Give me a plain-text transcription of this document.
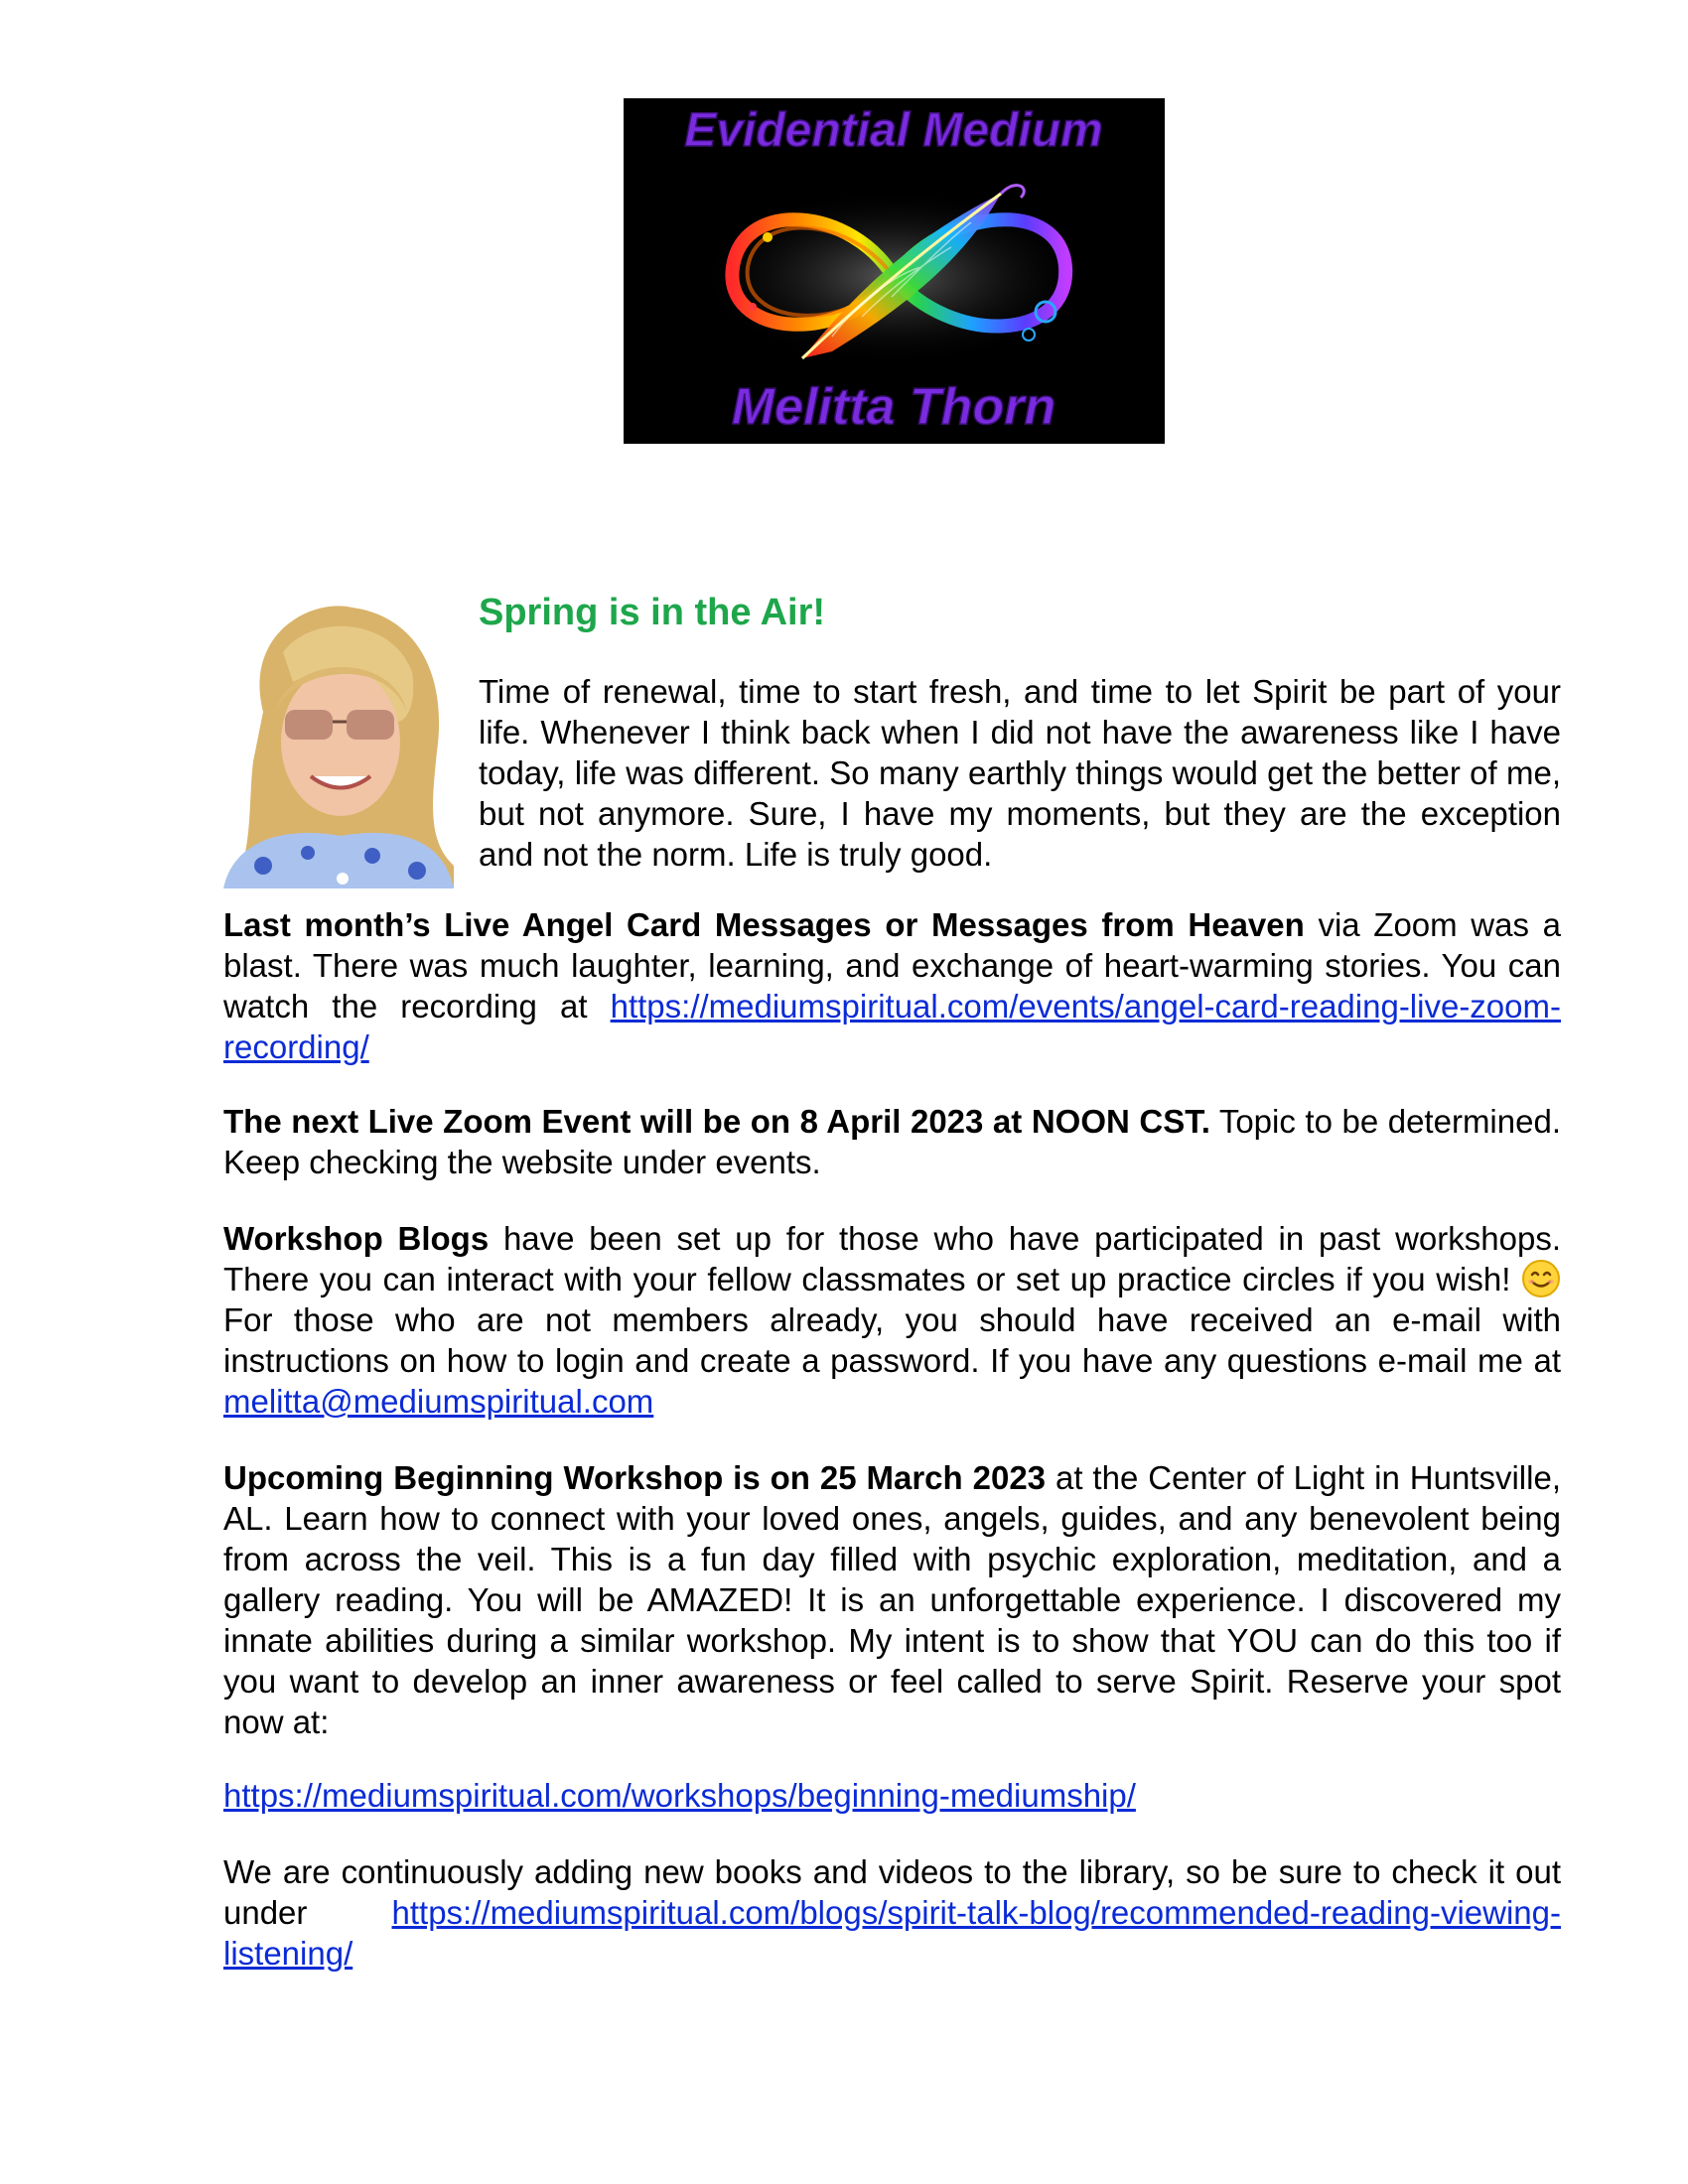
Evidential Medium
Melitta Thorn
Spring is in the Air!

Time of renewal, time to start fresh, and time to let Spirit be part of your life. Whenever I think back when I did not have the awareness like I have today, life was different. So many earthly things would get the better of me, but not anymore. Sure, I have my moments, but they are the exception and not the norm. Life is truly good.

Last month’s Live Angel Card Messages or Messages from Heaven via Zoom was a blast. There was much laughter, learning, and exchange of heart-warming stories. You can watch the recording at https://mediumspiritual.com/events/angel-card-reading-live-zoom-recording/

The next Live Zoom Event will be on 8 April 2023 at NOON CST. Topic to be determined. Keep checking the website under events.

Workshop Blogs have been set up for those who have participated in past workshops. There you can interact with your fellow classmates or set up practice circles if you wish!
For those who are not members already, you should have received an e-mail with instructions on how to login and create a password. If you have any questions e-mail me at melitta@mediumspiritual.com

Upcoming Beginning Workshop is on 25 March 2023 at the Center of Light in Huntsville, AL. Learn how to connect with your loved ones, angels, guides, and any benevolent being from across the veil. This is a fun day filled with psychic exploration, meditation, and a gallery reading. You will be AMAZED! It is an unforgettable experience. I discovered my innate abilities during a similar workshop. My intent is to show that YOU can do this too if you want to develop an inner awareness or feel called to serve Spirit. Reserve your spot now at:

https://mediumspiritual.com/workshops/beginning-mediumship/

We are continuously adding new books and videos to the library, so be sure to check it out under https://mediumspiritual.com/blogs/spirit-talk-blog/recommended-reading-viewing-listening/
